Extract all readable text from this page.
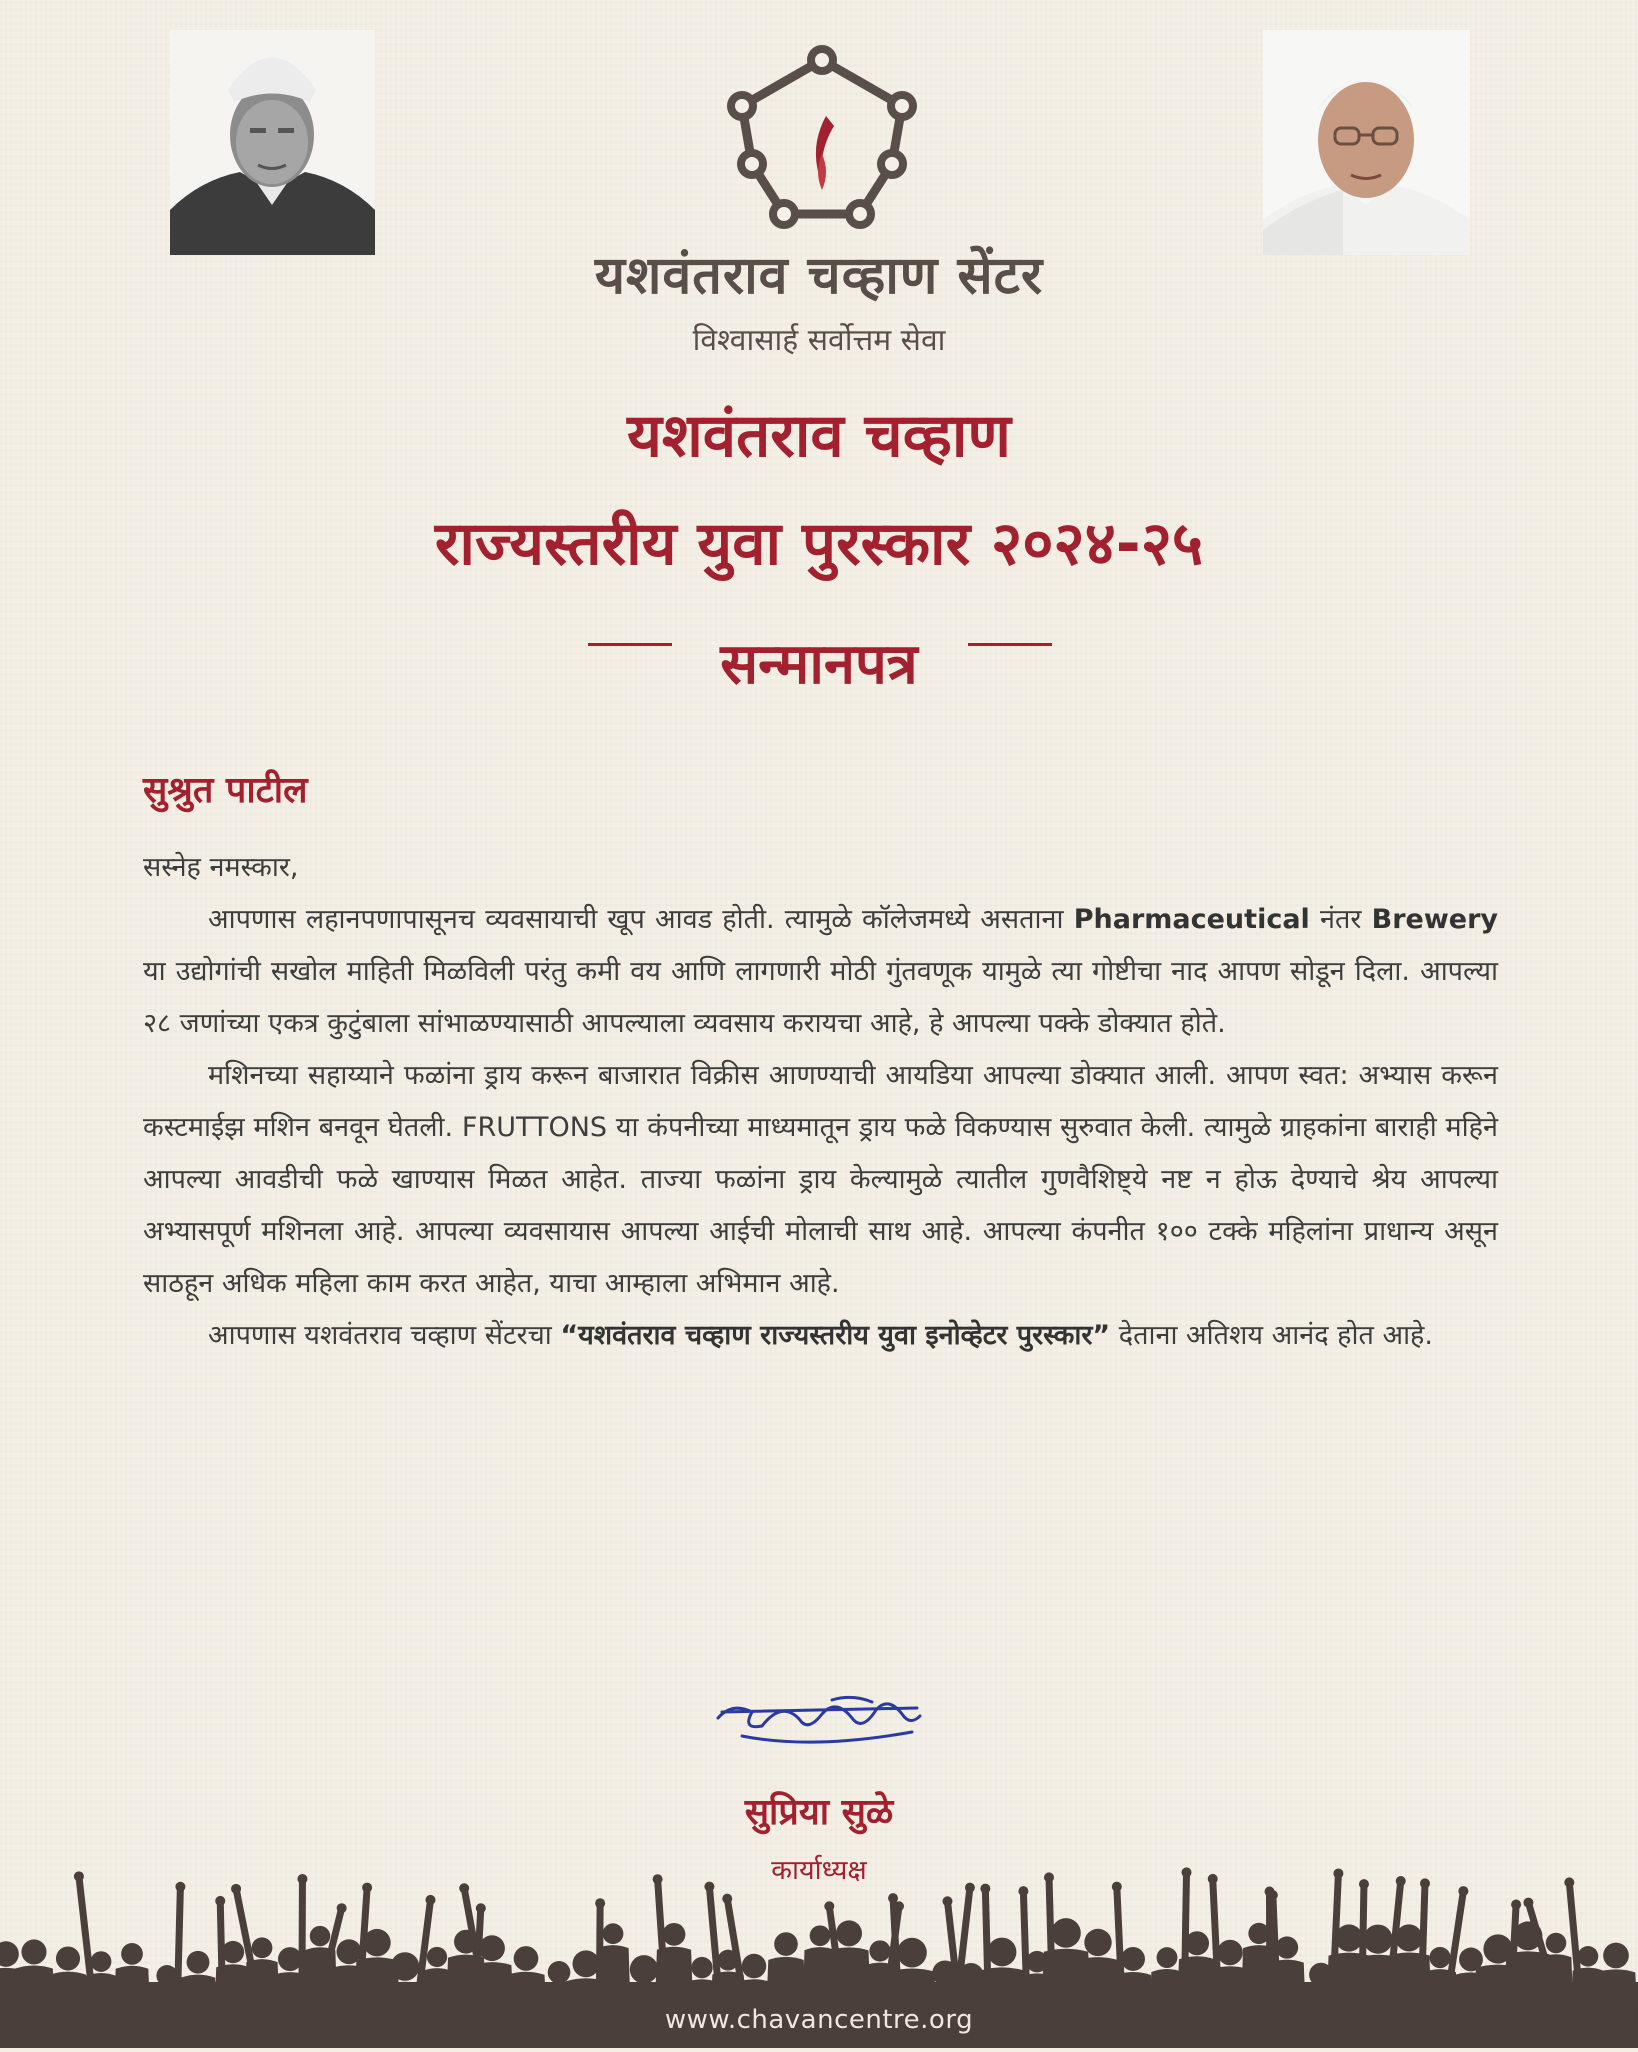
यशवंतराव चव्हाण सेंटर
विश्वासार्ह सर्वोत्तम सेवा
यशवंतराव चव्हाण
राज्यस्तरीय युवा पुरस्कार २०२४-२५
सन्मानपत्र
सुश्रुत पाटील

सस्नेह नमस्कार,

आपणास लहानपणापासूनच व्यवसायाची खूप आवड होती. त्यामुळे कॉलेजमध्ये असताना Pharmaceutical नंतर Brewery या उद्योगांची सखोल माहिती मिळविली परंतु कमी वय आणि लागणारी मोठी गुंतवणूक यामुळे त्या गोष्टीचा नाद आपण सोडून दिला. आपल्या २८ जणांच्या एकत्र कुटुंबाला सांभाळण्यासाठी आपल्याला व्यवसाय करायचा आहे, हे आपल्या पक्के डोक्यात होते.

मशिनच्या सहाय्याने फळांना ड्राय करून बाजारात विक्रीस आणण्याची आयडिया आपल्या डोक्यात आली. आपण स्वत: अभ्यास करून कस्टमाईझ मशिन बनवून घेतली. FRUTTONS या कंपनीच्या माध्यमातून ड्राय फळे विकण्यास सुरुवात केली. त्यामुळे ग्राहकांना बाराही महिने आपल्या आवडीची फळे खाण्यास मिळत आहेत. ताज्या फळांना ड्राय केल्यामुळे त्यातील गुणवैशिष्ट्ये नष्ट न होऊ देण्याचे श्रेय आपल्या अभ्यासपूर्ण मशिनला आहे. आपल्या व्यवसायास आपल्या आईची मोलाची साथ आहे. आपल्या कंपनीत १०० टक्के महिलांना प्राधान्य असून साठहून अधिक महिला काम करत आहेत, याचा आम्हाला अभिमान आहे.

आपणास यशवंतराव चव्हाण सेंटरचा “यशवंतराव चव्हाण राज्यस्तरीय युवा इनोव्हेटर पुरस्कार” देताना अतिशय आनंद होत आहे.

सुप्रिया सुळे
कार्याध्यक्ष
www.chavancentre.org
